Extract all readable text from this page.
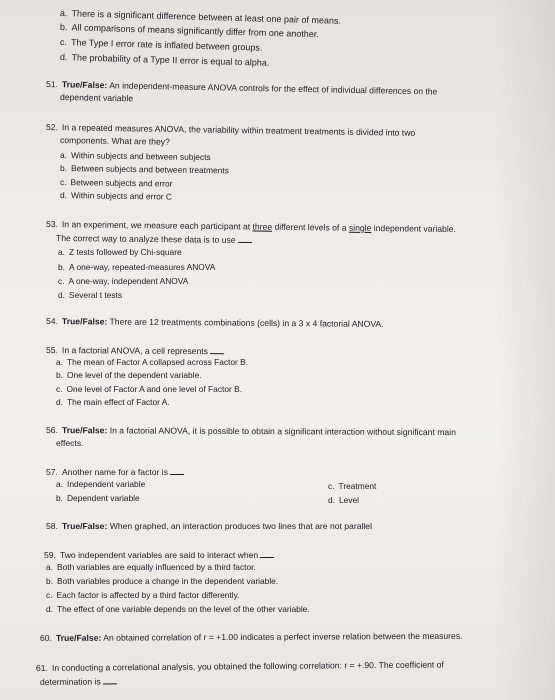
a. There is a significant difference between at least one pair of means.
b. All comparisons of means significantly differ from one another.
c. The Type I error rate is inflated between groups.
d. The probability of a Type II error is equal to alpha.
51. True/False: An independent-measure ANOVA controls for the effect of individual differences on the
dependent variable
52. In a repeated measures ANOVA, the variability within treatment treatments is divided into two
components. What are they?
a. Within subjects and between subjects
b. Between subjects and between treatments
c. Between subjects and error
d. Within subjects and error C
53. In an experiment, we measure each participant at three different levels of a single independent variable.
The correct way to analyze these data is to use
a. Z tests followed by Chi-square
b. A one-way, repeated-measures ANOVA
c. A one-way, independent ANOVA
d. Several t tests
54. True/False: There are 12 treatments combinations (cells) in a 3 x 4 factorial ANOVA.
55. In a factorial ANOVA, a cell represents
a. The mean of Factor A collapsed across Factor B.
b. One level of the dependent variable.
c. One level of Factor A and one level of Factor B.
d. The main effect of Factor A.
56. True/False: In a factorial ANOVA, it is possible to obtain a significant interaction without significant main
effects.
57. Another name for a factor is
a. Independent variable
b. Dependent variable
c. Treatment
d. Level
58. True/False: When graphed, an interaction produces two lines that are not parallel
59. Two independent variables are said to interact when
a. Both variables are equally influenced by a third factor.
b. Both variables produce a change in the dependent variable.
c. Each factor is affected by a third factor differently.
d. The effect of one variable depends on the level of the other variable.
60. True/False: An obtained correlation of r = +1.00 indicates a perfect inverse relation between the measures.
61. In conducting a correlational analysis, you obtained the following correlation: r = +.90. The coefficient of
determination is
